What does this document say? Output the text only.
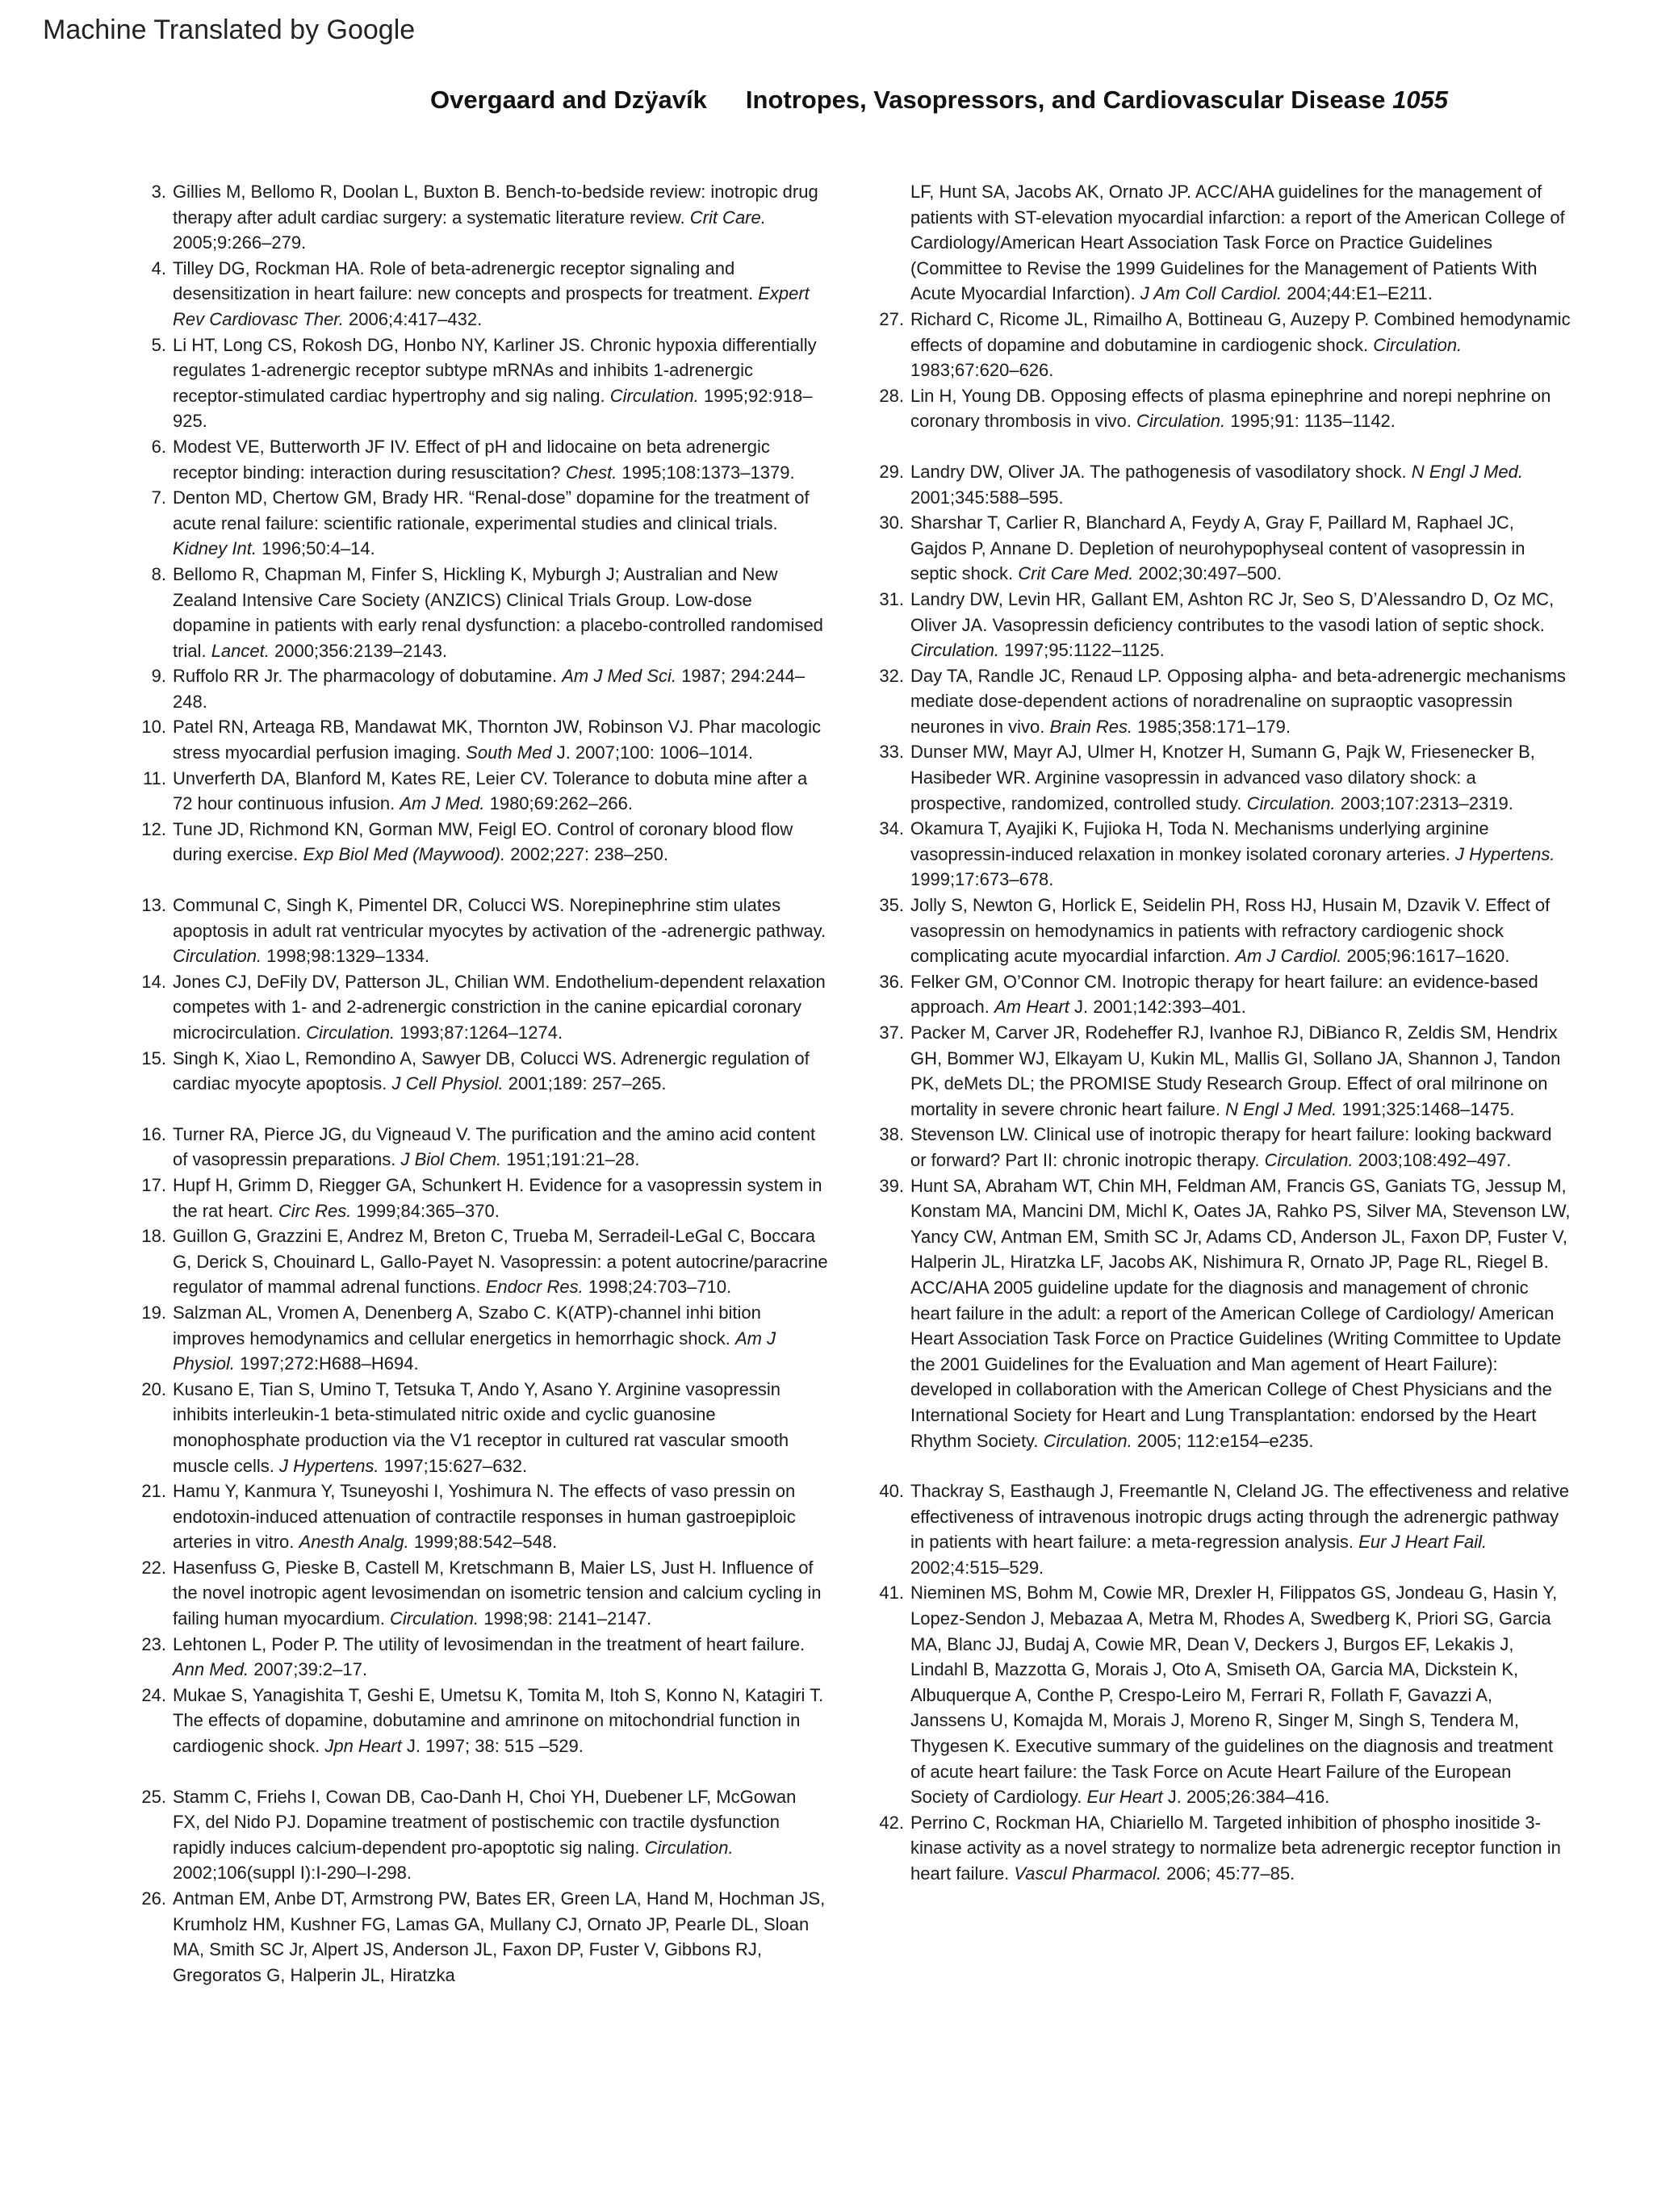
Machine Translated by Google
Overgaard and Dzÿavík Inotropes, Vasopressors, and Cardiovascular Disease 1055
3. Gillies M, Bellomo R, Doolan L, Buxton B. Bench-to-bedside review: inotropic drug therapy after adult cardiac surgery: a systematic literature review. Crit Care. 2005;9:266–279.
4. Tilley DG, Rockman HA. Role of beta-adrenergic receptor signaling and desensitization in heart failure: new concepts and prospects for treatment. Expert Rev Cardiovasc Ther. 2006;4:417–432.
5. Li HT, Long CS, Rokosh DG, Honbo NY, Karliner JS. Chronic hypoxia differentially regulates 1-adrenergic receptor subtype mRNAs and inhibits 1-adrenergic receptor-stimulated cardiac hypertrophy and sig naling. Circulation. 1995;92:918–925.
6. Modest VE, Butterworth JF IV. Effect of pH and lidocaine on beta adrenergic receptor binding: interaction during resuscitation? Chest. 1995;108:1373–1379.
7. Denton MD, Chertow GM, Brady HR. “Renal-dose” dopamine for the treatment of acute renal failure: scientific rationale, experimental studies and clinical trials. Kidney Int. 1996;50:4–14.
8. Bellomo R, Chapman M, Finfer S, Hickling K, Myburgh J; Australian and New Zealand Intensive Care Society (ANZICS) Clinical Trials Group. Low-dose dopamine in patients with early renal dysfunction: a placebo-controlled randomised trial. Lancet. 2000;356:2139–2143.
9. Ruffolo RR Jr. The pharmacology of dobutamine. Am J Med Sci. 1987; 294:244–248.
10. Patel RN, Arteaga RB, Mandawat MK, Thornton JW, Robinson VJ. Phar macologic stress myocardial perfusion imaging. South Med J. 2007;100: 1006–1014.
11. Unverferth DA, Blanford M, Kates RE, Leier CV. Tolerance to dobuta mine after a 72 hour continuous infusion. Am J Med. 1980;69:262–266.
12. Tune JD, Richmond KN, Gorman MW, Feigl EO. Control of coronary blood flow during exercise. Exp Biol Med (Maywood). 2002;227: 238–250.
13. Communal C, Singh K, Pimentel DR, Colucci WS. Norepinephrine stim ulates apoptosis in adult rat ventricular myocytes by activation of the -adrenergic pathway. Circulation. 1998;98:1329–1334.
14. Jones CJ, DeFily DV, Patterson JL, Chilian WM. Endothelium-dependent relaxation competes with 1- and 2-adrenergic constriction in the canine epicardial coronary microcirculation. Circulation. 1993;87:1264–1274.
15. Singh K, Xiao L, Remondino A, Sawyer DB, Colucci WS. Adrenergic regulation of cardiac myocyte apoptosis. J Cell Physiol. 2001;189: 257–265.
16. Turner RA, Pierce JG, du Vigneaud V. The purification and the amino acid content of vasopressin preparations. J Biol Chem. 1951;191:21–28.
17. Hupf H, Grimm D, Riegger GA, Schunkert H. Evidence for a vasopressin system in the rat heart. Circ Res. 1999;84:365–370.
18. Guillon G, Grazzini E, Andrez M, Breton C, Trueba M, Serradeil-LeGal C, Boccara G, Derick S, Chouinard L, Gallo-Payet N. Vasopressin: a potent autocrine/paracrine regulator of mammal adrenal functions. Endocr Res. 1998;24:703–710.
19. Salzman AL, Vromen A, Denenberg A, Szabo C. K(ATP)-channel inhi bition improves hemodynamics and cellular energetics in hemorrhagic shock. Am J Physiol. 1997;272:H688–H694.
20. Kusano E, Tian S, Umino T, Tetsuka T, Ando Y, Asano Y. Arginine vasopressin inhibits interleukin-1 beta-stimulated nitric oxide and cyclic guanosine monophosphate production via the V1 receptor in cultured rat vascular smooth muscle cells. J Hypertens. 1997;15:627–632.
21. Hamu Y, Kanmura Y, Tsuneyoshi I, Yoshimura N. The effects of vaso pressin on endotoxin-induced attenuation of contractile responses in human gastroepiploic arteries in vitro. Anesth Analg. 1999;88:542–548.
22. Hasenfuss G, Pieske B, Castell M, Kretschmann B, Maier LS, Just H. Influence of the novel inotropic agent levosimendan on isometric tension and calcium cycling in failing human myocardium. Circulation. 1998;98: 2141–2147.
23. Lehtonen L, Poder P. The utility of levosimendan in the treatment of heart failure. Ann Med. 2007;39:2–17.
24. Mukae S, Yanagishita T, Geshi E, Umetsu K, Tomita M, Itoh S, Konno N, Katagiri T. The effects of dopamine, dobutamine and amrinone on mitochondrial function in cardiogenic shock. Jpn Heart J. 1997; 38: 515 –529.
25. Stamm C, Friehs I, Cowan DB, Cao-Danh H, Choi YH, Duebener LF, McGowan FX, del Nido PJ. Dopamine treatment of postischemic con tractile dysfunction rapidly induces calcium-dependent pro-apoptotic sig naling. Circulation. 2002;106(suppl I):I-290–I-298.
26. Antman EM, Anbe DT, Armstrong PW, Bates ER, Green LA, Hand M, Hochman JS, Krumholz HM, Kushner FG, Lamas GA, Mullany CJ, Ornato JP, Pearle DL, Sloan MA, Smith SC Jr, Alpert JS, Anderson JL, Faxon DP, Fuster V, Gibbons RJ, Gregoratos G, Halperin JL, Hiratzka
LF, Hunt SA, Jacobs AK, Ornato JP. ACC/AHA guidelines for the management of patients with ST-elevation myocardial infarction: a report of the American College of Cardiology/American Heart Association Task Force on Practice Guidelines (Committee to Revise the 1999 Guidelines for the Management of Patients With Acute Myocardial Infarction). J Am Coll Cardiol. 2004;44:E1–E211.
27. Richard C, Ricome JL, Rimailho A, Bottineau G, Auzepy P. Combined hemodynamic effects of dopamine and dobutamine in cardiogenic shock. Circulation. 1983;67:620–626.
28. Lin H, Young DB. Opposing effects of plasma epinephrine and norepi nephrine on coronary thrombosis in vivo. Circulation. 1995;91: 1135–1142.
29. Landry DW, Oliver JA. The pathogenesis of vasodilatory shock. N Engl J Med. 2001;345:588–595.
30. Sharshar T, Carlier R, Blanchard A, Feydy A, Gray F, Paillard M, Raphael JC, Gajdos P, Annane D. Depletion of neurohypophyseal content of vasopressin in septic shock. Crit Care Med. 2002;30:497–500.
31. Landry DW, Levin HR, Gallant EM, Ashton RC Jr, Seo S, D’Alessandro D, Oz MC, Oliver JA. Vasopressin deficiency contributes to the vasodi lation of septic shock. Circulation. 1997;95:1122–1125.
32. Day TA, Randle JC, Renaud LP. Opposing alpha- and beta-adrenergic mechanisms mediate dose-dependent actions of noradrenaline on supraoptic vasopressin neurones in vivo. Brain Res. 1985;358:171–179.
33. Dunser MW, Mayr AJ, Ulmer H, Knotzer H, Sumann G, Pajk W, Friesenecker B, Hasibeder WR. Arginine vasopressin in advanced vaso dilatory shock: a prospective, randomized, controlled study. Circulation. 2003;107:2313–2319.
34. Okamura T, Ayajiki K, Fujioka H, Toda N. Mechanisms underlying arginine vasopressin-induced relaxation in monkey isolated coronary arteries. J Hypertens. 1999;17:673–678.
35. Jolly S, Newton G, Horlick E, Seidelin PH, Ross HJ, Husain M, Dzavik V. Effect of vasopressin on hemodynamics in patients with refractory cardiogenic shock complicating acute myocardial infarction. Am J Cardiol. 2005;96:1617–1620.
36. Felker GM, O’Connor CM. Inotropic therapy for heart failure: an evidence-based approach. Am Heart J. 2001;142:393–401.
37. Packer M, Carver JR, Rodeheffer RJ, Ivanhoe RJ, DiBianco R, Zeldis SM, Hendrix GH, Bommer WJ, Elkayam U, Kukin ML, Mallis GI, Sollano JA, Shannon J, Tandon PK, deMets DL; the PROMISE Study Research Group. Effect of oral milrinone on mortality in severe chronic heart failure. N Engl J Med. 1991;325:1468–1475.
38. Stevenson LW. Clinical use of inotropic therapy for heart failure: looking backward or forward? Part II: chronic inotropic therapy. Circulation. 2003;108:492–497.
39. Hunt SA, Abraham WT, Chin MH, Feldman AM, Francis GS, Ganiats TG, Jessup M, Konstam MA, Mancini DM, Michl K, Oates JA, Rahko PS, Silver MA, Stevenson LW, Yancy CW, Antman EM, Smith SC Jr, Adams CD, Anderson JL, Faxon DP, Fuster V, Halperin JL, Hiratzka LF, Jacobs AK, Nishimura R, Ornato JP, Page RL, Riegel B. ACC/AHA 2005 guideline update for the diagnosis and management of chronic heart failure in the adult: a report of the American College of Cardiology/ American Heart Association Task Force on Practice Guidelines (Writing Committee to Update the 2001 Guidelines for the Evaluation and Man agement of Heart Failure): developed in collaboration with the American College of Chest Physicians and the International Society for Heart and Lung Transplantation: endorsed by the Heart Rhythm Society. Circulation. 2005; 112:e154–e235.
40. Thackray S, Easthaugh J, Freemantle N, Cleland JG. The effectiveness and relative effectiveness of intravenous inotropic drugs acting through the adrenergic pathway in patients with heart failure: a meta-regression analysis. Eur J Heart Fail. 2002;4:515–529.
41. Nieminen MS, Bohm M, Cowie MR, Drexler H, Filippatos GS, Jondeau G, Hasin Y, Lopez-Sendon J, Mebazaa A, Metra M, Rhodes A, Swedberg K, Priori SG, Garcia MA, Blanc JJ, Budaj A, Cowie MR, Dean V, Deckers J, Burgos EF, Lekakis J, Lindahl B, Mazzotta G, Morais J, Oto A, Smiseth OA, Garcia MA, Dickstein K, Albuquerque A, Conthe P, Crespo-Leiro M, Ferrari R, Follath F, Gavazzi A, Janssens U, Komajda M, Morais J, Moreno R, Singer M, Singh S, Tendera M, Thygesen K. Executive summary of the guidelines on the diagnosis and treatment of acute heart failure: the Task Force on Acute Heart Failure of the European Society of Cardiology. Eur Heart J. 2005;26:384–416.
42. Perrino C, Rockman HA, Chiariello M. Targeted inhibition of phospho inositide 3-kinase activity as a novel strategy to normalize beta adrenergic receptor function in heart failure. Vascul Pharmacol. 2006; 45:77–85.
